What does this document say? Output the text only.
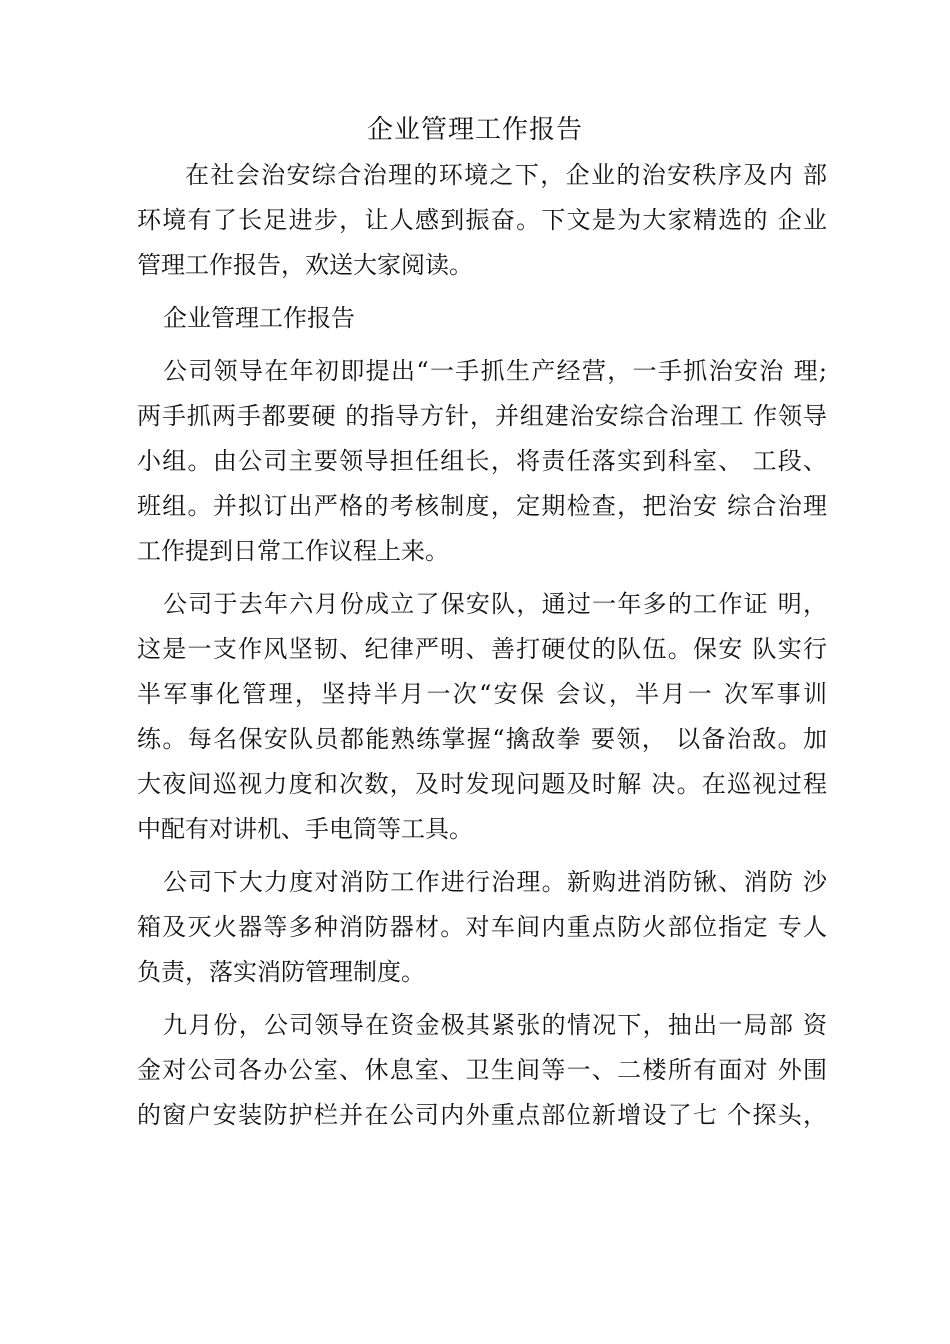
企业管理工作报告
在社会治安综合治理的环境之下，企业的治安秩序及内 部
环境有了长足进步，让人感到振奋。下文是为大家精选的 企业
管理工作报告，欢送大家阅读。
企业管理工作报告
公司领导在年初即提出“一手抓生产经营，一手抓治安治 理;
两手抓两手都要硬 的指导方针，并组建治安综合治理工 作领导
小组。由公司主要领导担任组长，将责任落实到科室、 工段、
班组。并拟订出严格的考核制度，定期检查，把治安 综合治理
工作提到日常工作议程上来。
公司于去年六月份成立了保安队，通过一年多的工作证 明，
这是一支作风坚韧、纪律严明、善打硬仗的队伍。保安 队实行
半军事化管理，坚持半月一次“安保 会议，半月一 次军事训
练。每名保安队员都能熟练掌握“擒敌拳 要领， 以备治敌。加
大夜间巡视力度和次数，及时发现问题及时解 决。在巡视过程
中配有对讲机、手电筒等工具。
公司下大力度对消防工作进行治理。新购进消防锹、消防 沙
箱及灭火器等多种消防器材。对车间内重点防火部位指定 专人
负责，落实消防管理制度。
九月份，公司领导在资金极其紧张的情况下，抽出一局部 资
金对公司各办公室、休息室、卫生间等一、二楼所有面对 外围
的窗户安装防护栏并在公司内外重点部位新增设了七 个探头，
